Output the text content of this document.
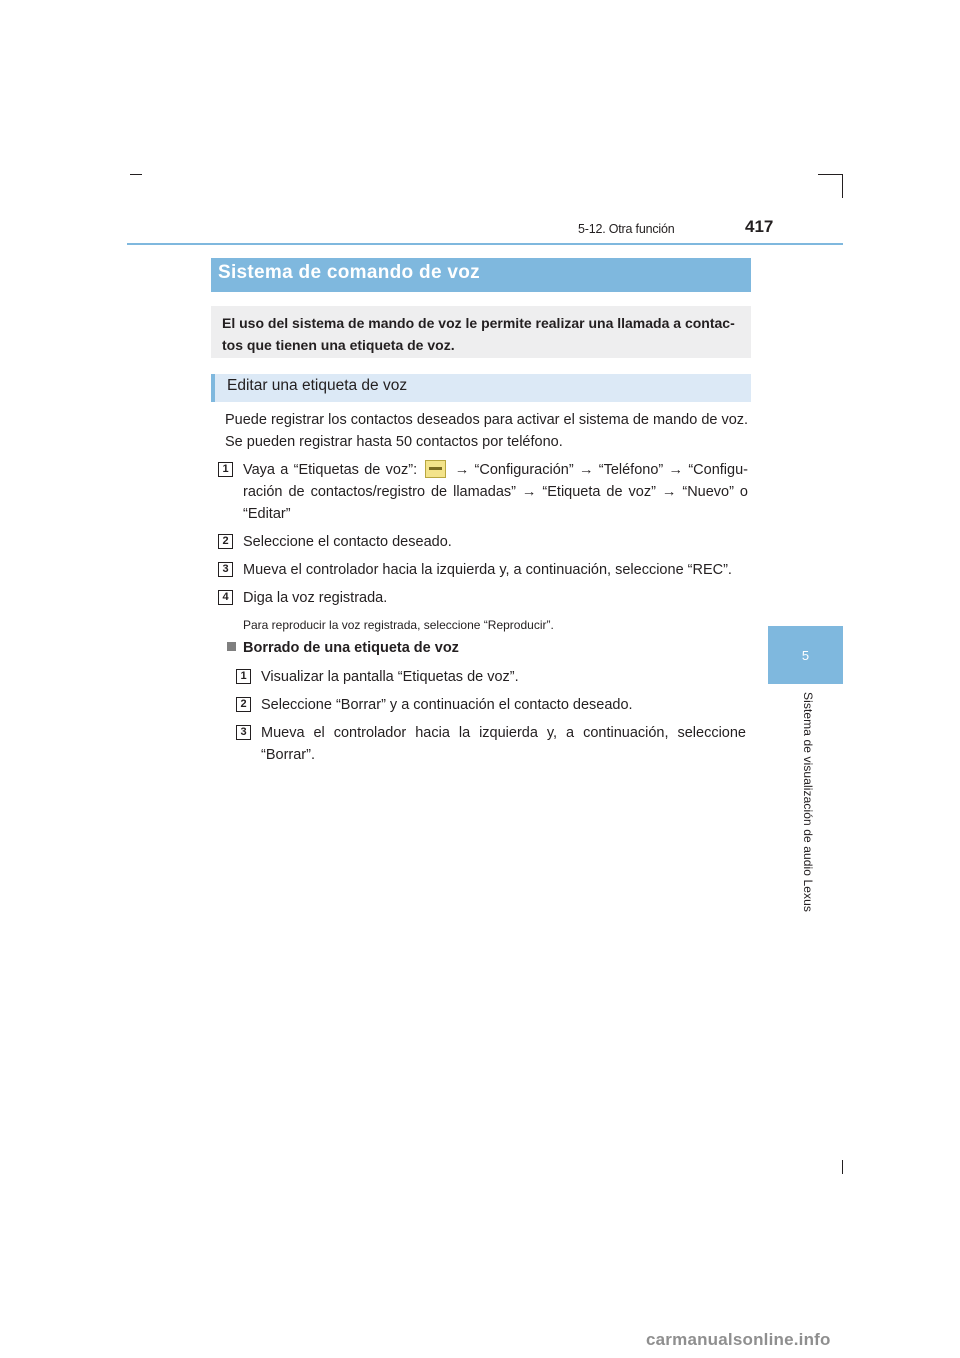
5-12. Otra función	417
5
Sistema de visualización de audio Lexus
Sistema de comando de voz
El uso del sistema de mando de voz le permite realizar una llamada a contac-tos que tienen una etiqueta de voz.
Editar una etiqueta de voz
Puede registrar los contactos deseados para activar el sistema de mando de voz.
Se pueden registrar hasta 50 contactos por teléfono.
1 Vaya a “Etiquetas de voz”:
→ “Configuración” → “Teléfono” → “Configu-ración de contactos/registro de llamadas” → “Etiqueta de voz” → “Nuevo” o “Editar”
2 Seleccione el contacto deseado.
3 Mueva el controlador hacia la izquierda y, a continuación, seleccione “REC”.
4 Diga la voz registrada.
Para reproducir la voz registrada, seleccione “Reproducir”.
Borrado de una etiqueta de voz
1 Visualizar la pantalla “Etiquetas de voz”.
2 Seleccione “Borrar” y a continuación el contacto deseado.
3 Mueva el controlador hacia la izquierda y, a continuación, seleccione “Borrar”.
carmanualsonline.info
